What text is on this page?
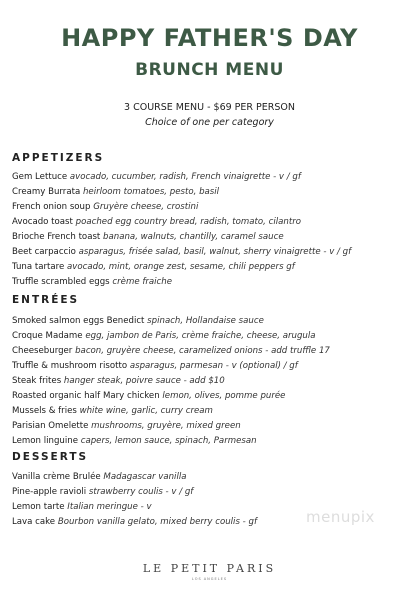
HAPPY FATHER'S DAY
BRUNCH MENU
3 COURSE MENU - $69 PER PERSON
Choice of one per category
APPETIZERS
Gem Lettuce avocado, cucumber, radish, French vinaigrette - v / gf
Creamy Burrata heirloom tomatoes, pesto, basil
French onion soup Gruyère cheese, crostini
Avocado toast poached egg country bread, radish, tomato, cilantro
Brioche French toast banana, walnuts, chantilly, caramel sauce
Beet carpaccio asparagus, frisée salad, basil, walnut, sherry vinaigrette - v / gf
Tuna tartare avocado, mint, orange zest, sesame, chili peppers gf
Truffle scrambled eggs crème fraiche
ENTRÉES
Smoked salmon eggs Benedict spinach, Hollandaise sauce
Croque Madame egg, jambon de Paris, crème fraiche, cheese, arugula
Cheeseburger bacon, gruyère cheese, caramelized onions - add truffle 17
Truffle & mushroom risotto asparagus, parmesan - v (optional) / gf
Steak frites hanger steak, poivre sauce - add $10
Roasted organic half Mary chicken lemon, olives, pomme purée
Mussels & fries white wine, garlic, curry cream
Parisian Omelette mushrooms, gruyère, mixed green
Lemon linguine capers, lemon sauce, spinach, Parmesan
DESSERTS
Vanilla crème Brulée Madagascar vanilla
Pine-apple ravioli strawberry coulis - v / gf
Lemon tarte Italian meringue - v
Lava cake Bourbon vanilla gelato, mixed berry coulis - gf	menupix
LE PETIT PARIS
LOS ANGELES
